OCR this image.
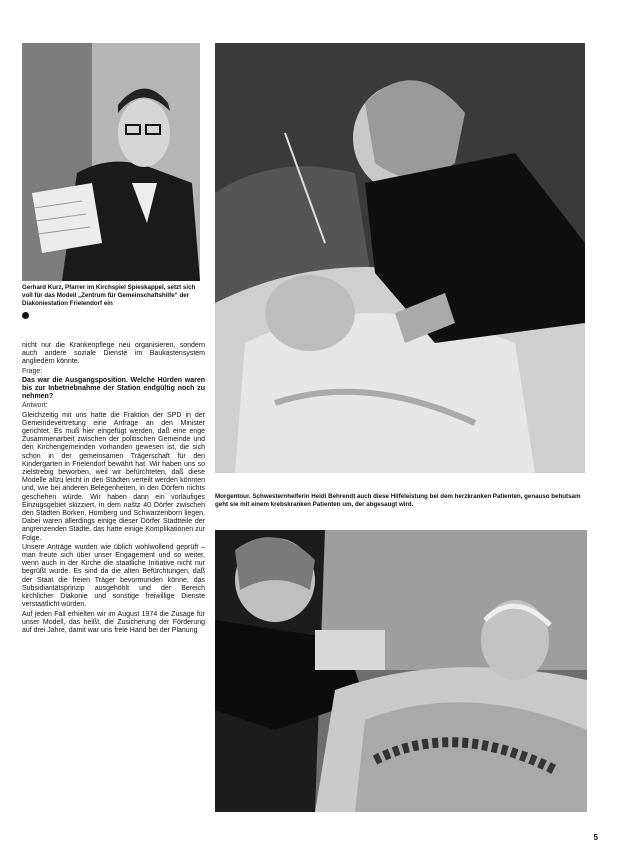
Gerhard Kurz, Pfarrer im Kirchspiel Spieskappel, setzt sich voll für das Modell „Zentrum für Gemeinschaftshilfe“ der Diakoniestation Frielendorf ein

nicht nur die Krankenpflege neu organisieren, sondern auch andere soziale Dienste im Baukastensystem angliedern könnte.

Frage:

Das war die Ausgangsposition. Welche Hürden waren bis zur Inbetriebnahme der Station endgültig noch zu nehmen?

Antwort:

Gleichzeitig mit uns hatte die Fraktion der SPD in der Gemeindevertretung eine Anfrage an den Minister gerichtet. Es muß hier eingefügt werden, daß eine enge Zusammenarbeit zwischen der politischen Gemeinde und den Kirchengemeinden vorhanden gewesen ist, die sich schon in der gemeinsamen Trägerschaft für den Kindergarten in Frielendorf bewährt hat. Wir haben uns so zielstrebig beworben, weil wir befürchteten, daß diese Modelle allzu leicht in den Städten verteilt werden könnten und, wie bei anderen Belegenheiten, in den Dörfern nichts geschehen würde. Wir haben dann ein vorläufiges Einzugsgebiet skizziert, in dem naštz 40 Dörfer zwischen den Städten Borken, Homberg und Schwarzenborn liegen. Dabei waren allerdings einige dieser Dörfer Stadtteile der angrenzenden Städte, das hatte einige Komplikationen zur Folge.

Unsere Anträge wurden wie üblich wohlwollend geprüft – man freute sich über unser Engagement und so weiter, wenn auch in der Kirche die staatliche Initiative nicht nur begrüßt wurde. Es sind da die alten Befürchtungen, daß der Staat die freien Träger bevormunden könne, das Subsidiaritätsprinzip ausgehöhlt und der Bereich kirchlicher Diakonie und sonstige freiwillige Dienste verstaatlicht würden.

Auf jeden Fall erhielten wir im August 1974 die Zusage für unser Modell, das heißt, die Zusicherung der Förderung auf drei Jahre, damit war uns freie Hand bei der Planung

Morgentour. Schwesternhelferin Heidi Behrendt auch diese Hilfeleistung bei dem herzkranken Patienten, genauso behutsam geht sie mit einem krebskranken Patienten um, der abgesaugt wird.
5
